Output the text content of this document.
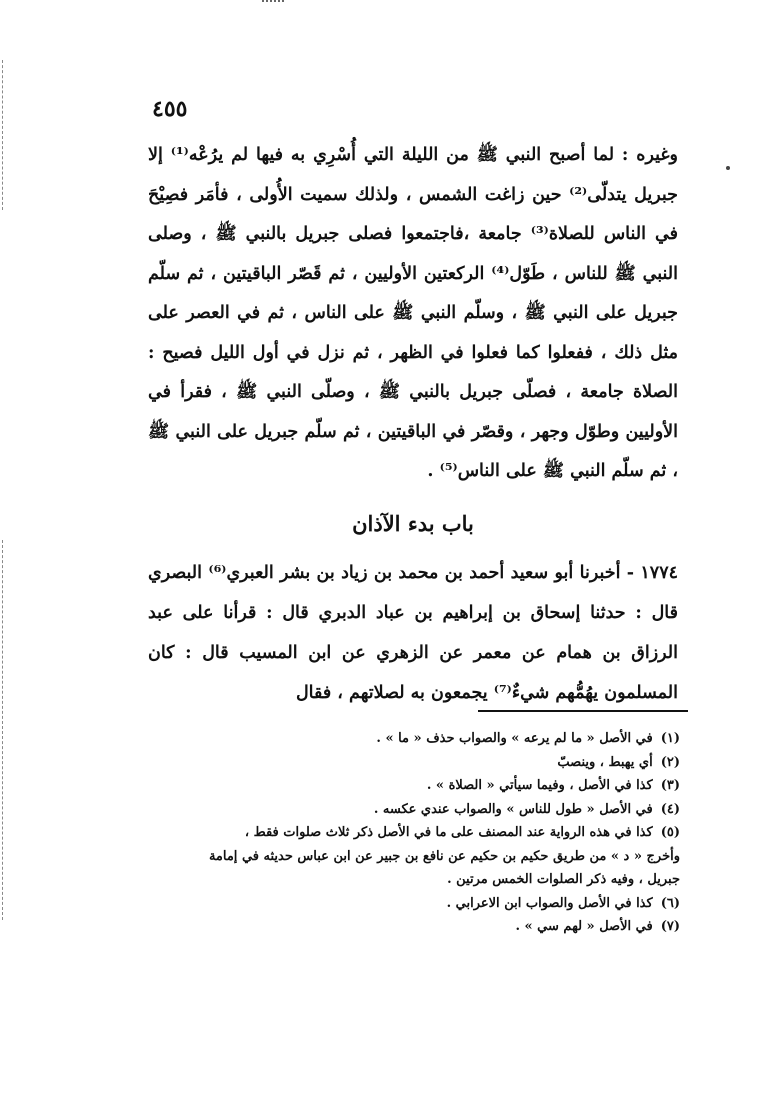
٤٥٥

وغيره : لما أصبح النبي ﷺ من الليلة التي أُسْرِي به فيها لم يرُعْه⁽¹⁾ إلا جبريل يتدلّى⁽²⁾ حين زاغت الشمس ، ولذلك سميت الأُولى ، فأمَر فصِيْحَ في الناس للصلاة⁽³⁾ جامعة ،فاجتمعوا فصلى جبريل بالنبي ﷺ ، وصلى النبي ﷺ للناس ، طَوّل⁽⁴⁾ الركعتين الأوليين ، ثم قَصّر الباقيتين ، ثم سلّم جبريل على النبي ﷺ ، وسلّم النبي ﷺ على الناس ، ثم في العصر على مثل ذلك ، ففعلوا كما فعلوا في الظهر ، ثم نزل في أول الليل فصيح : الصلاة جامعة ، فصلّى جبريل بالنبي ﷺ ، وصلّى النبي ﷺ ، فقرأ في الأوليين وطوّل وجهر ، وقصّر في الباقيتين ، ثم سلّم جبريل على النبي ﷺ ، ثم سلّم النبي ﷺ على الناس⁽⁵⁾ .

باب بدء الآذان

١٧٧٤ - أخبرنا أبو سعيد أحمد بن محمد بن زياد بن بشر العبري⁽⁶⁾ البصري قال : حدثنا إسحاق بن إبراهيم بن عباد الدبري قال : قرأنا على عبد الرزاق بن همام عن معمر عن الزهري عن ابن المسيب قال : كان المسلمون يهُمُّهم شيءٌ⁽⁷⁾ يجمعون به لصلاتهم ، فقال

(١)في الأصل « ما لم يرعه » والصواب حذف « ما » .

(٢)أي يهبط ، وينصبّ

(٣)كذا في الأصل ، وفيما سيأتي « الصلاة » .

(٤)في الأصل « طول للناس » والصواب عندي عكسه .

(٥)كذا في هذه الرواية عند المصنف على ما في الأصل ذكر ثلاث صلوات فقط ،

وأخرج « د » من طريق حكيم بن حكيم عن نافع بن جبير عن ابن عباس حديثه في إمامة

جبريل ، وفيه ذكر الصلوات الخمس مرتين .

(٦)كذا في الأصل والصواب ابن الاعرابي .

(٧)في الأصل « لهم سي » .
